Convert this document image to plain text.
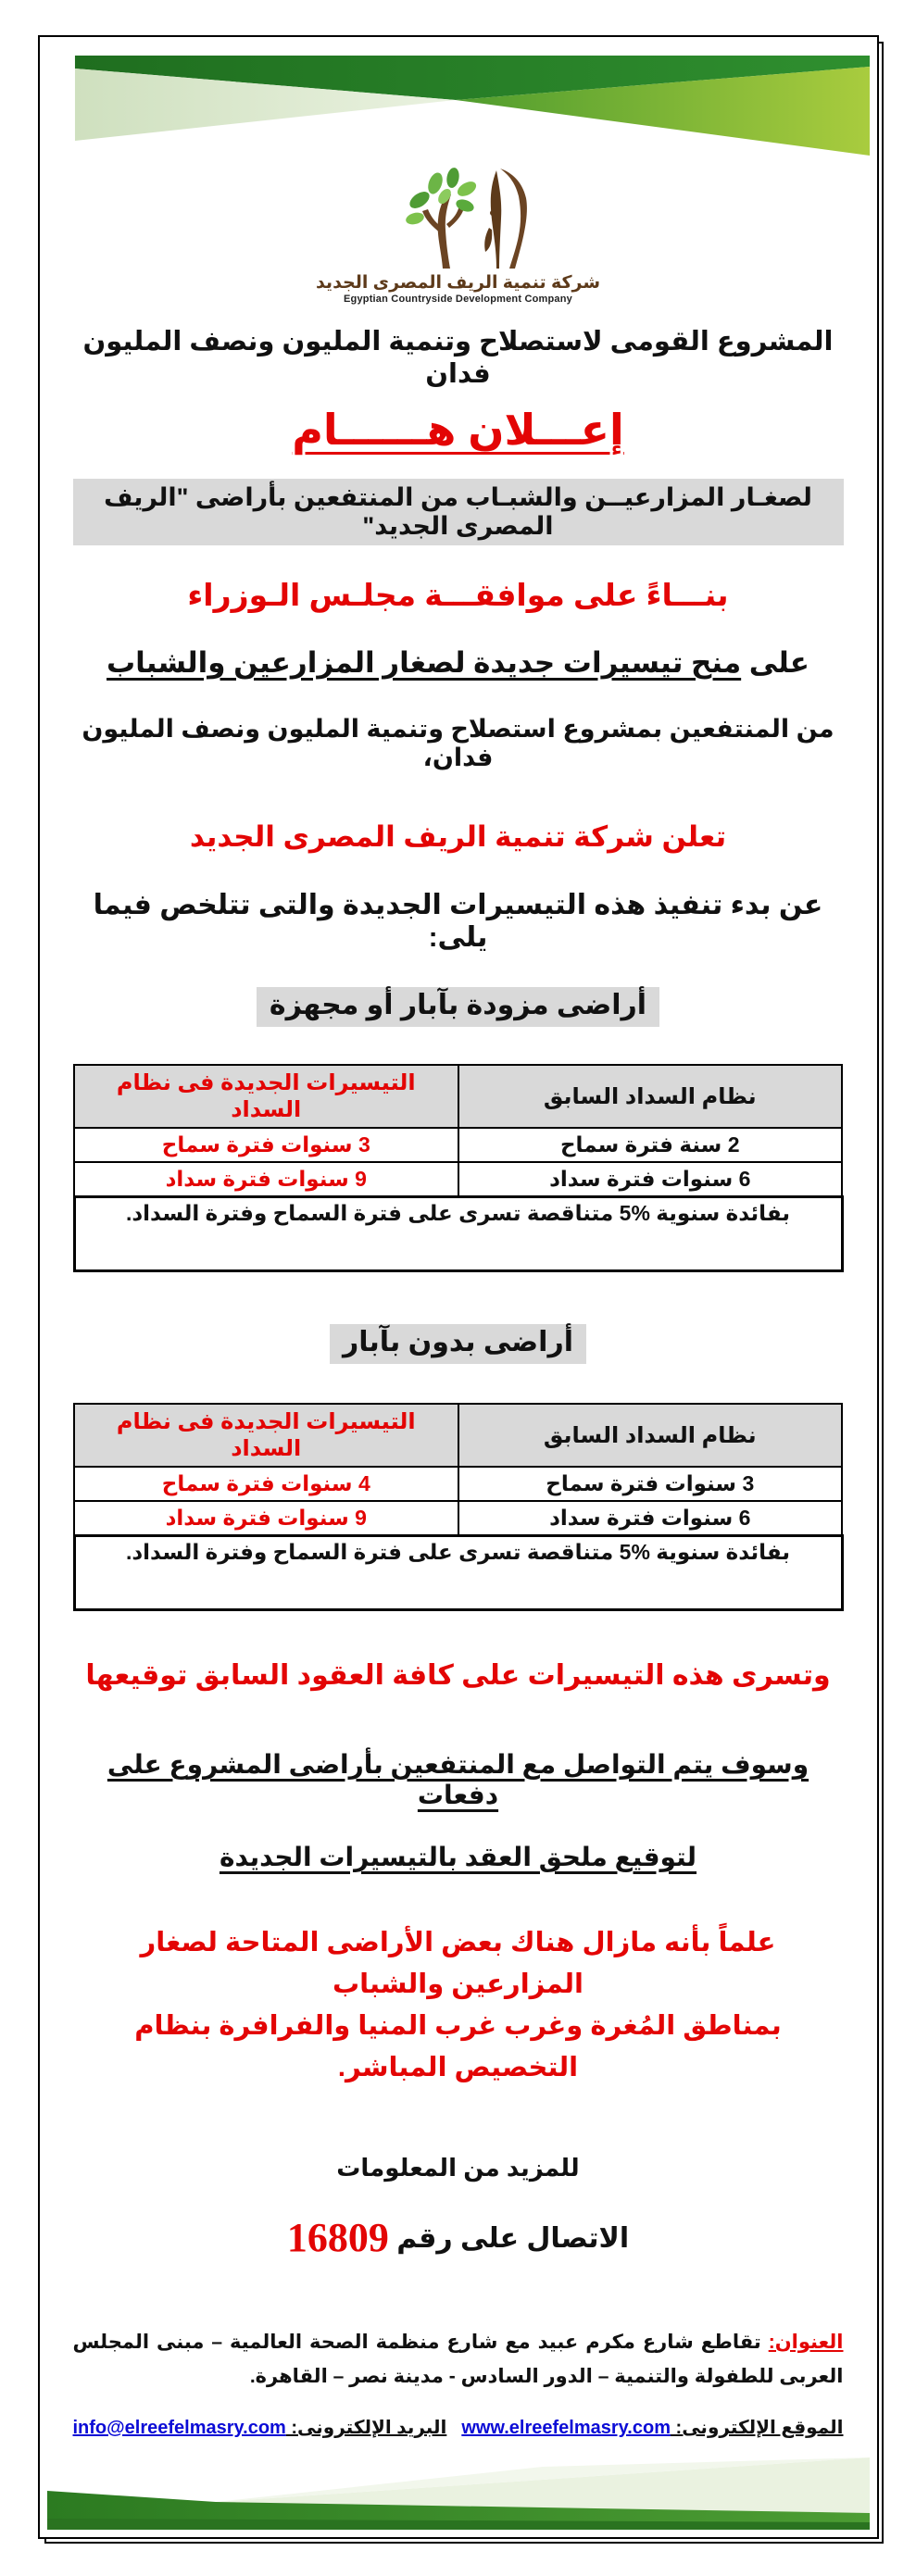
شركة تنمية الريف المصرى الجديد
Egyptian Countryside Development Company
المشروع القومى لاستصلاح وتنمية المليون ونصف المليون فدان
إعـــلان هــــــام
لصغـار المزارعيــن والشبـاب من المنتفعين بأراضى "الريف المصرى الجديد"
بنـــاءً على موافقـــة مجلـس الـوزراء
على منح تيسيرات جديدة لصغار المزارعين والشباب
من المنتفعين بمشروع استصلاح وتنمية المليون ونصف المليون فدان،
تعلن شركة تنمية الريف المصرى الجديد
عن بدء تنفيذ هذه التيسيرات الجديدة والتى تتلخص فيما يلى:
أراضى مزودة بآبار أو مجهزة
نظام السداد السابق	التيسيرات الجديدة فى نظام السداد
2 سنة فترة سماح	3 سنوات فترة سماح
6 سنوات فترة سداد	9 سنوات فترة سداد
بفائدة سنوية %5 متناقصة تسرى على فترة السماح وفترة السداد.	
أراضى بدون بآبار
نظام السداد السابق	التيسيرات الجديدة فى نظام السداد
3 سنوات فترة سماح	4 سنوات فترة سماح
6 سنوات فترة سداد	9 سنوات فترة سداد
بفائدة سنوية %5 متناقصة تسرى على فترة السماح وفترة السداد.	
وتسرى هذه التيسيرات على كافة العقود السابق توقيعها
وسوف يتم التواصل مع المنتفعين بأراضى المشروع على دفعات
لتوقيع ملحق العقد بالتيسيرات الجديدة
علماً بأنه مازال هناك بعض الأراضى المتاحة لصغار المزارعين والشباب
بمناطق المُغرة وغرب غرب المنيا والفرافرة بنظام التخصيص المباشر.
للمزيد من المعلومات
الاتصال على رقم 16809
العنوان: تقاطع شارع مكرم عبيد مع شارع منظمة الصحة العالمية – مبنى المجلس العربى للطفولة والتنمية – الدور السادس - مدينة نصر – القاهرة.
الموقع الإلكترونى: www.elreefelmasry.com
البريد الإلكترونى: info@elreefelmasry.com
